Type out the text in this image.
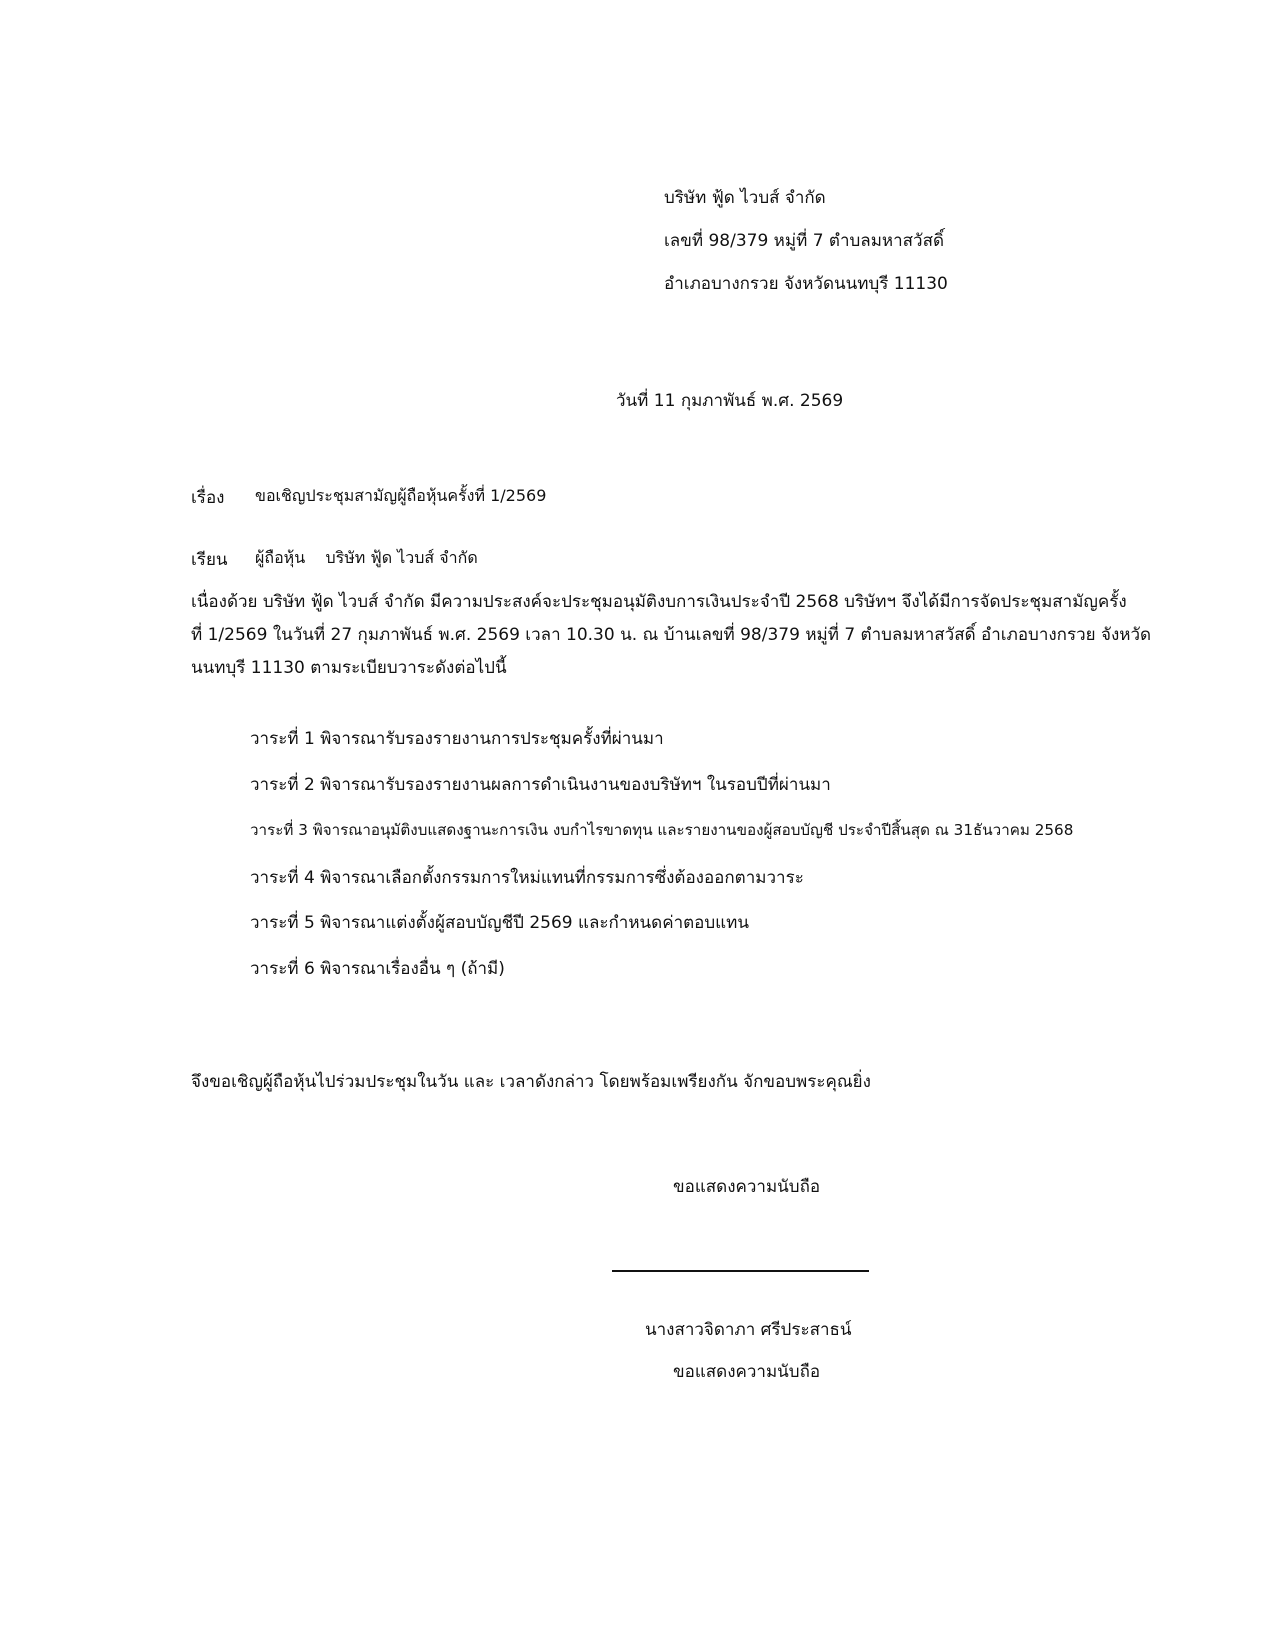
บริษัท ฟู้ด ไวบส์ จำกัด
เลขที่ 98/379 หมู่ที่ 7 ตำบลมหาสวัสดิ์
อำเภอบางกรวย จังหวัดนนทบุรี 11130
วันที่ 11 กุมภาพันธ์ พ.ศ. 2569
เรื่อง ขอเชิญประชุมสามัญผู้ถือหุ้นครั้งที่ 1/2569
เรียน ผู้ถือหุ้น    บริษัท ฟู้ด ไวบส์ จำกัด
เนื่องด้วย บริษัท ฟู้ด ไวบส์ จำกัด มีความประสงค์จะประชุมอนุมัติงบการเงินประจำปี 2568 บริษัทฯ จึงได้มีการจัดประชุมสามัญครั้ง
ที่ 1/2569 ในวันที่ 27 กุมภาพันธ์ พ.ศ. 2569 เวลา 10.30 น. ณ บ้านเลขที่ 98/379 หมู่ที่ 7 ตำบลมหาสวัสดิ์ อำเภอบางกรวย จังหวัด
นนทบุรี 11130 ตามระเบียบวาระดังต่อไปนี้
วาระที่ 1 พิจารณารับรองรายงานการประชุมครั้งที่ผ่านมา
วาระที่ 2 พิจารณารับรองรายงานผลการดำเนินงานของบริษัทฯ ในรอบปีที่ผ่านมา
วาระที่ 3 พิจารณาอนุมัติงบแสดงฐานะการเงิน งบกำไรขาดทุน และรายงานของผู้สอบบัญชี ประจำปีสิ้นสุด ณ 31ธันวาคม 2568
วาระที่ 4 พิจารณาเลือกตั้งกรรมการใหม่แทนที่กรรมการซึ่งต้องออกตามวาระ
วาระที่ 5 พิจารณาแต่งตั้งผู้สอบบัญชีปี 2569 และกำหนดค่าตอบแทน
วาระที่ 6 พิจารณาเรื่องอื่น ๆ (ถ้ามี)
จึงขอเชิญผู้ถือหุ้นไปร่วมประชุมในวัน และ เวลาดังกล่าว โดยพร้อมเพรียงกัน จักขอบพระคุณยิ่ง
ขอแสดงความนับถือ
นางสาวจิดาภา ศรีประสาธน์
ขอแสดงความนับถือ
